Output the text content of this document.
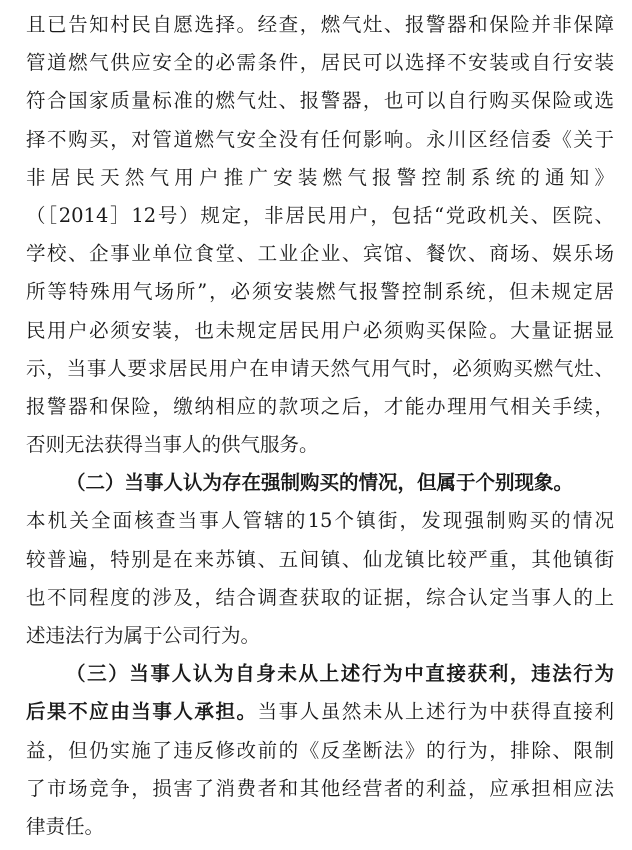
且已告知村民自愿选择。经查，燃气灶、报警器和保险并非保障
管道燃气供应安全的必需条件，居民可以选择不安装或自行安装
符合国家质量标准的燃气灶、报警器，也可以自行购买保险或选
择不购买，对管道燃气安全没有任何影响。永川区经信委《关于
非居民天然气用户推广安装燃气报警控制系统的通知》
（［2014］12号）规定，非居民用户，包括“党政机关、医院、
学校、企事业单位食堂、工业企业、宾馆、餐饮、商场、娱乐场
所等特殊用气场所”，必须安装燃气报警控制系统，但未规定居
民用户必须安装，也未规定居民用户必须购买保险。大量证据显
示，当事人要求居民用户在申请天然气用气时，必须购买燃气灶、
报警器和保险，缴纳相应的款项之后，才能办理用气相关手续，
否则无法获得当事人的供气服务。
（二）当事人认为存在强制购买的情况，但属于个别现象。
本机关全面核查当事人管辖的15个镇街，发现强制购买的情况
较普遍，特别是在来苏镇、五间镇、仙龙镇比较严重，其他镇街
也不同程度的涉及，结合调查获取的证据，综合认定当事人的上
述违法行为属于公司行为。
（三）当事人认为自身未从上述行为中直接获利，违法行为
后果不应由当事人承担。当事人虽然未从上述行为中获得直接利
益，但仍实施了违反修改前的《反垄断法》的行为，排除、限制
了市场竞争，损害了消费者和其他经营者的利益，应承担相应法
律责任。
